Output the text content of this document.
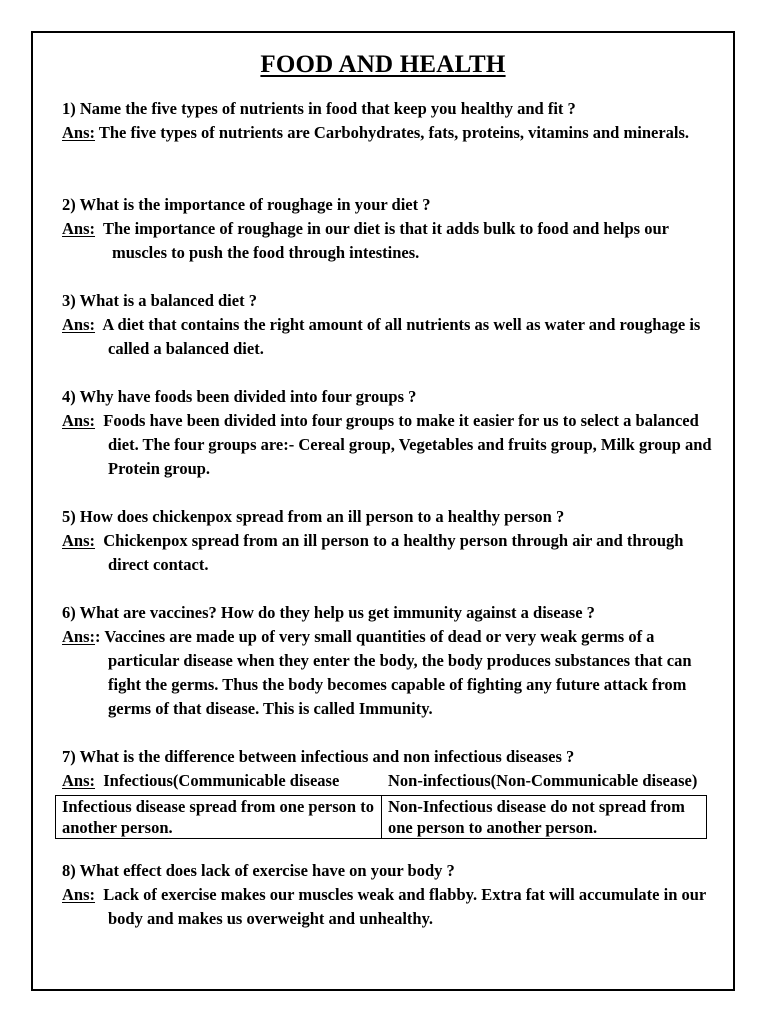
FOOD AND HEALTH
1) Name the five types of nutrients in food that keep you healthy and fit ?
Ans: The five types of nutrients are Carbohydrates, fats, proteins, vitamins and minerals.
2) What is the importance of roughage in your diet ?
Ans: The importance of roughage in our diet is that it adds bulk to food and helps our muscles to push the food through intestines.
3) What is a balanced diet ?
Ans: A diet that contains the right amount of all nutrients as well as water and roughage is called a balanced diet.
4) Why have foods been divided into four groups ?
Ans: Foods have been divided into four groups to make it easier for us to select a balanced diet. The four groups are:- Cereal group, Vegetables and fruits group, Milk group and Protein group.
5) How does chickenpox spread from an ill person to a healthy person ?
Ans: Chickenpox spread from an ill person to a healthy person through air and through direct contact.
6) What are vaccines? How do they help us get immunity against a disease ?
Ans:: Vaccines are made up of very small quantities of dead or very weak germs of a particular disease when they enter the body, the body produces substances that can fight the germs. Thus the body becomes capable of fighting any future attack from germs of that disease. This is called Immunity.
7) What is the difference between infectious and non infectious diseases ?
Ans: Infectious(Communicable disease	Non-infectious(Non-Communicable disease)
Infectious disease spread from one person to another person.	Non-Infectious disease do not spread from one person to another person.
8) What effect does lack of exercise have on your body ?
Ans: Lack of exercise makes our muscles weak and flabby. Extra fat will accumulate in our body and makes us overweight and unhealthy.
